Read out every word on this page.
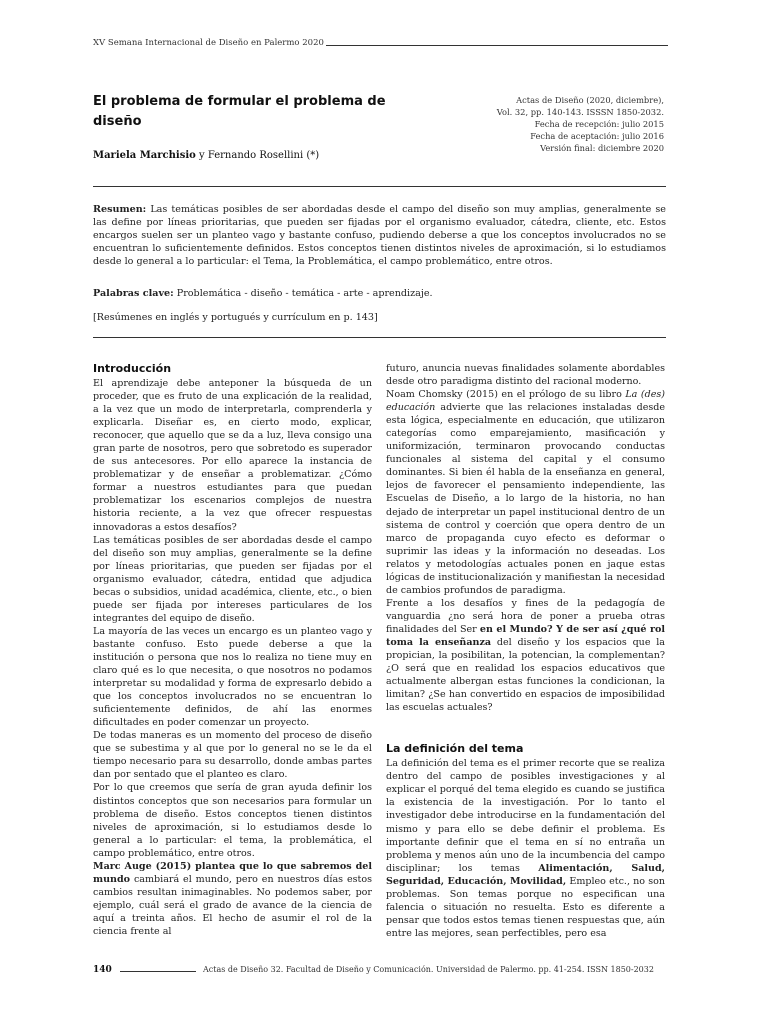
XV Semana Internacional de Diseño en Palermo 2020
El problema de formular el problema de diseño
Actas de Diseño (2020, diciembre),
Vol. 32, pp. 140-143. ISSSN 1850-2032.
Fecha de recepción: julio 2015
Fecha de aceptación: julio 2016
Versión final: diciembre 2020
Mariela Marchisio y Fernando Rosellini (*)
Resumen: Las temáticas posibles de ser abordadas desde el campo del diseño son muy amplias, generalmente se las define por líneas prioritarias, que pueden ser fijadas por el organismo evaluador, cátedra, cliente, etc. Estos encargos suelen ser un planteo vago y bastante confuso, pudiendo deberse a que los conceptos involucrados no se encuentran lo suficientemente definidos. Estos conceptos tienen distintos niveles de aproximación, si lo estudiamos desde lo general a lo particular: el Tema, la Problemática, el campo problemático, entre otros.
Palabras clave: Problemática - diseño - temática - arte - aprendizaje.
[Resúmenes en inglés y portugués y currículum en p. 143]
Introducción

El aprendizaje debe anteponer la búsqueda de un proceder, que es fruto de una explicación de la realidad, a la vez que un modo de interpretarla, comprenderla y explicarla. Diseñar es, en cierto modo, explicar, reconocer, que aquello que se da a luz, lleva consigo una gran parte de nosotros, pero que sobretodo es superador de sus antecesores. Por ello aparece la instancia de problematizar y de enseñar a problematizar. ¿Cómo formar a nuestros estudiantes para que puedan problematizar los escenarios complejos de nuestra historia reciente, a la vez que ofrecer respuestas innovadoras a estos desafíos?

Las temáticas posibles de ser abordadas desde el campo del diseño son muy amplias, generalmente se la define por líneas prioritarias, que pueden ser fijadas por el organismo evaluador, cátedra, entidad que adjudica becas o subsidios, unidad académica, cliente, etc., o bien puede ser fijada por intereses particulares de los integrantes del equipo de diseño.

La mayoría de las veces un encargo es un planteo vago y bastante confuso. Esto puede deberse a que la institución o persona que nos lo realiza no tiene muy en claro qué es lo que necesita, o que nosotros no podamos interpretar su modalidad y forma de expresarlo debido a que los conceptos involucrados no se encuentran lo suficientemente definidos, de ahí las enormes dificultades en poder comenzar un proyecto.

De todas maneras es un momento del proceso de diseño que se subestima y al que por lo general no se le da el tiempo necesario para su desarrollo, donde ambas partes dan por sentado que el planteo es claro.

Por lo que creemos que sería de gran ayuda definir los distintos conceptos que son necesarios para formular un problema de diseño. Estos conceptos tienen distintos niveles de aproximación, si lo estudiamos desde lo general a lo particular: el tema, la problemática, el campo problemático, entre otros.

Marc Auge (2015) plantea que lo que sabremos del mundo cambiará el mundo, pero en nuestros días estos cambios resultan inimaginables. No podemos saber, por ejemplo, cuál será el grado de avance de la ciencia de aquí a treinta años. El hecho de asumir el rol de la ciencia frente al

futuro, anuncia nuevas finalidades solamente abordables desde otro paradigma distinto del racional moderno.

Noam Chomsky (2015) en el prólogo de su libro La (des) educación advierte que las relaciones instaladas desde esta lógica, especialmente en educación, que utilizaron categorías como emparejamiento, masificación y uniformización, terminaron provocando conductas funcionales al sistema del capital y el consumo dominantes. Si bien él habla de la enseñanza en general, lejos de favorecer el pensamiento independiente, las Escuelas de Diseño, a lo largo de la historia, no han dejado de interpretar un papel institucional dentro de un sistema de control y coerción que opera dentro de un marco de propaganda cuyo efecto es deformar o suprimir las ideas y la información no deseadas. Los relatos y metodologías actuales ponen en jaque estas lógicas de institucionalización y manifiestan la necesidad de cambios profundos de paradigma.

Frente a los desafíos y fines de la pedagogía de vanguardia ¿no será hora de poner a prueba otras finalidades del Ser en el Mundo? Y de ser así ¿qué rol toma la enseñanza del diseño y los espacios que la propician, la posibilitan, la potencian, la complementan? ¿O será que en realidad los espacios educativos que actualmente albergan estas funciones la condicionan, la limitan? ¿Se han convertido en espacios de imposibilidad las escuelas actuales?

La definición del tema

La definición del tema es el primer recorte que se realiza dentro del campo de posibles investigaciones y al explicar el porqué del tema elegido es cuando se justifica la existencia de la investigación. Por lo tanto el investigador debe introducirse en la fundamentación del mismo y para ello se debe definir el problema. Es importante definir que el tema en sí no entraña un problema y menos aún uno de la incumbencia del campo disciplinar; los temas Alimentación, Salud, Seguridad, Educación, Movilidad, Empleo etc., no son problemas. Son temas porque no especifican una falencia o situación no resuelta. Esto es diferente a pensar que todos estos temas tienen respuestas que, aún entre las mejores, sean perfectibles, pero esa

140	Actas de Diseño 32. Facultad de Diseño y Comunicación. Universidad de Palermo. pp. 41-254. ISSN 1850-2032
